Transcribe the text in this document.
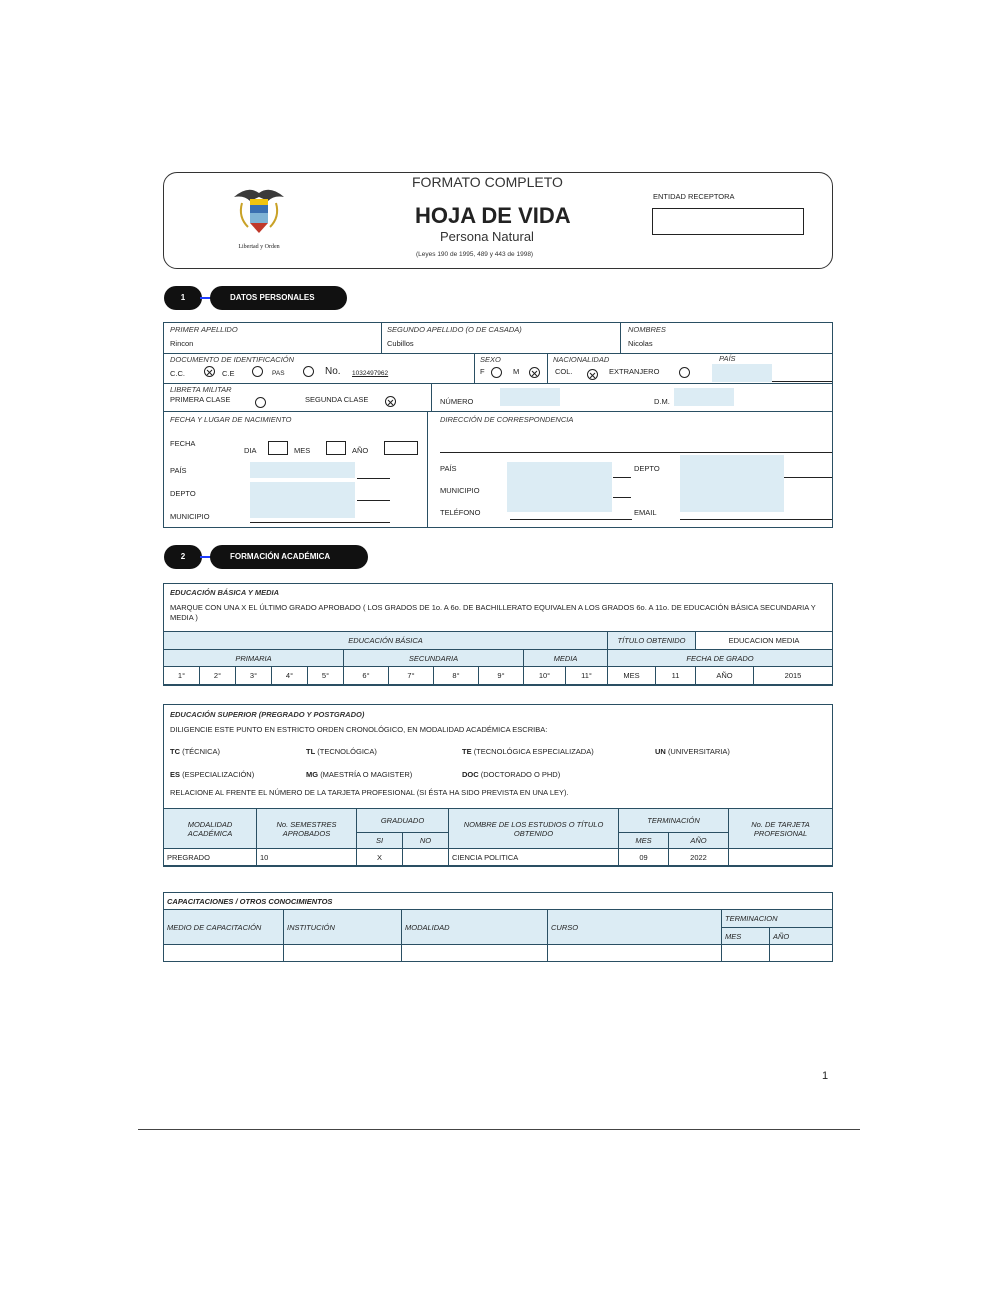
Libertad y Orden
FORMATO COMPLETO
HOJA DE VIDA
Persona Natural
(Leyes 190 de 1995, 489 y 443 de 1998)
ENTIDAD RECEPTORA
1	DATOS PERSONALES
PRIMER APELLIDO
Rincon
SEGUNDO APELLIDO (O DE CASADA)
Cubillos
NOMBRES
Nicolas
DOCUMENTO DE IDENTIFICACIÓN
C.C.	C.E	PAS	No. 1032497962
SEXO
F	M
NACIONALIDAD
COL.	EXTRANJERO
PAÍS
LIBRETA MILITAR
PRIMERA CLASE	SEGUNDA CLASE	NÚMERO	D.M.
FECHA Y LUGAR DE NACIMIENTO
FECHA
DIA	MES	AÑO
PAÍS
DEPTO
MUNICIPIO
DIRECCIÓN DE CORRESPONDENCIA
PAÍS	DEPTO
MUNICIPIO
TELÉFONO	EMAIL
2	FORMACIÓN ACADÉMICA
EDUCACIÓN BÁSICA Y MEDIA
MARQUE CON UNA X EL ÚLTIMO GRADO APROBADO ( LOS GRADOS DE 1o. A 6o. DE BACHILLERATO EQUIVALEN A LOS GRADOS 6o. A 11o. DE EDUCACIÓN BÁSICA SECUNDARIA Y MEDIA )
EDUCACIÓN BÁSICA											TÍTULO OBTENIDO		EDUCACION MEDIA	
PRIMARIA					SECUNDARIA				MEDIA		FECHA DE GRADO			
1°	2°	3°	4°	5°	6°	7°	8°	9°	10°	11°	MES	11	AÑO	2015
EDUCACIÓN SUPERIOR (PREGRADO Y POSTGRADO)
DILIGENCIE ESTE PUNTO EN ESTRICTO ORDEN CRONOLÓGICO, EN MODALIDAD ACADÉMICA ESCRIBA:
TC (TÉCNICA)	TL (TECNOLÓGICA)	TE (TECNOLÓGICA ESPECIALIZADA)	UN (UNIVERSITARIA)
ES (ESPECIALIZACIÓN)	MG (MAESTRÍA O MAGISTER)	DOC (DOCTORADO O PHD)
RELACIONE AL FRENTE EL NÚMERO DE LA TARJETA PROFESIONAL (SI ÉSTA HA SIDO PREVISTA EN UNA LEY).
MODALIDAD ACADÉMICA	No. SEMESTRES APROBADOS	GRADUADO		NOMBRE DE LOS ESTUDIOS O TÍTULO OBTENIDO	TERMINACIÓN		No. DE TARJETA PROFESIONAL
		SI	NO		MES	AÑO	
PREGRADO	10	X		CIENCIA POLITICA	09	2022	
CAPACITACIONES / OTROS CONOCIMIENTOS					
MEDIO DE CAPACITACIÓN	INSTITUCIÓN	MODALIDAD	CURSO	TERMINACION	
				MES	AÑO

1
